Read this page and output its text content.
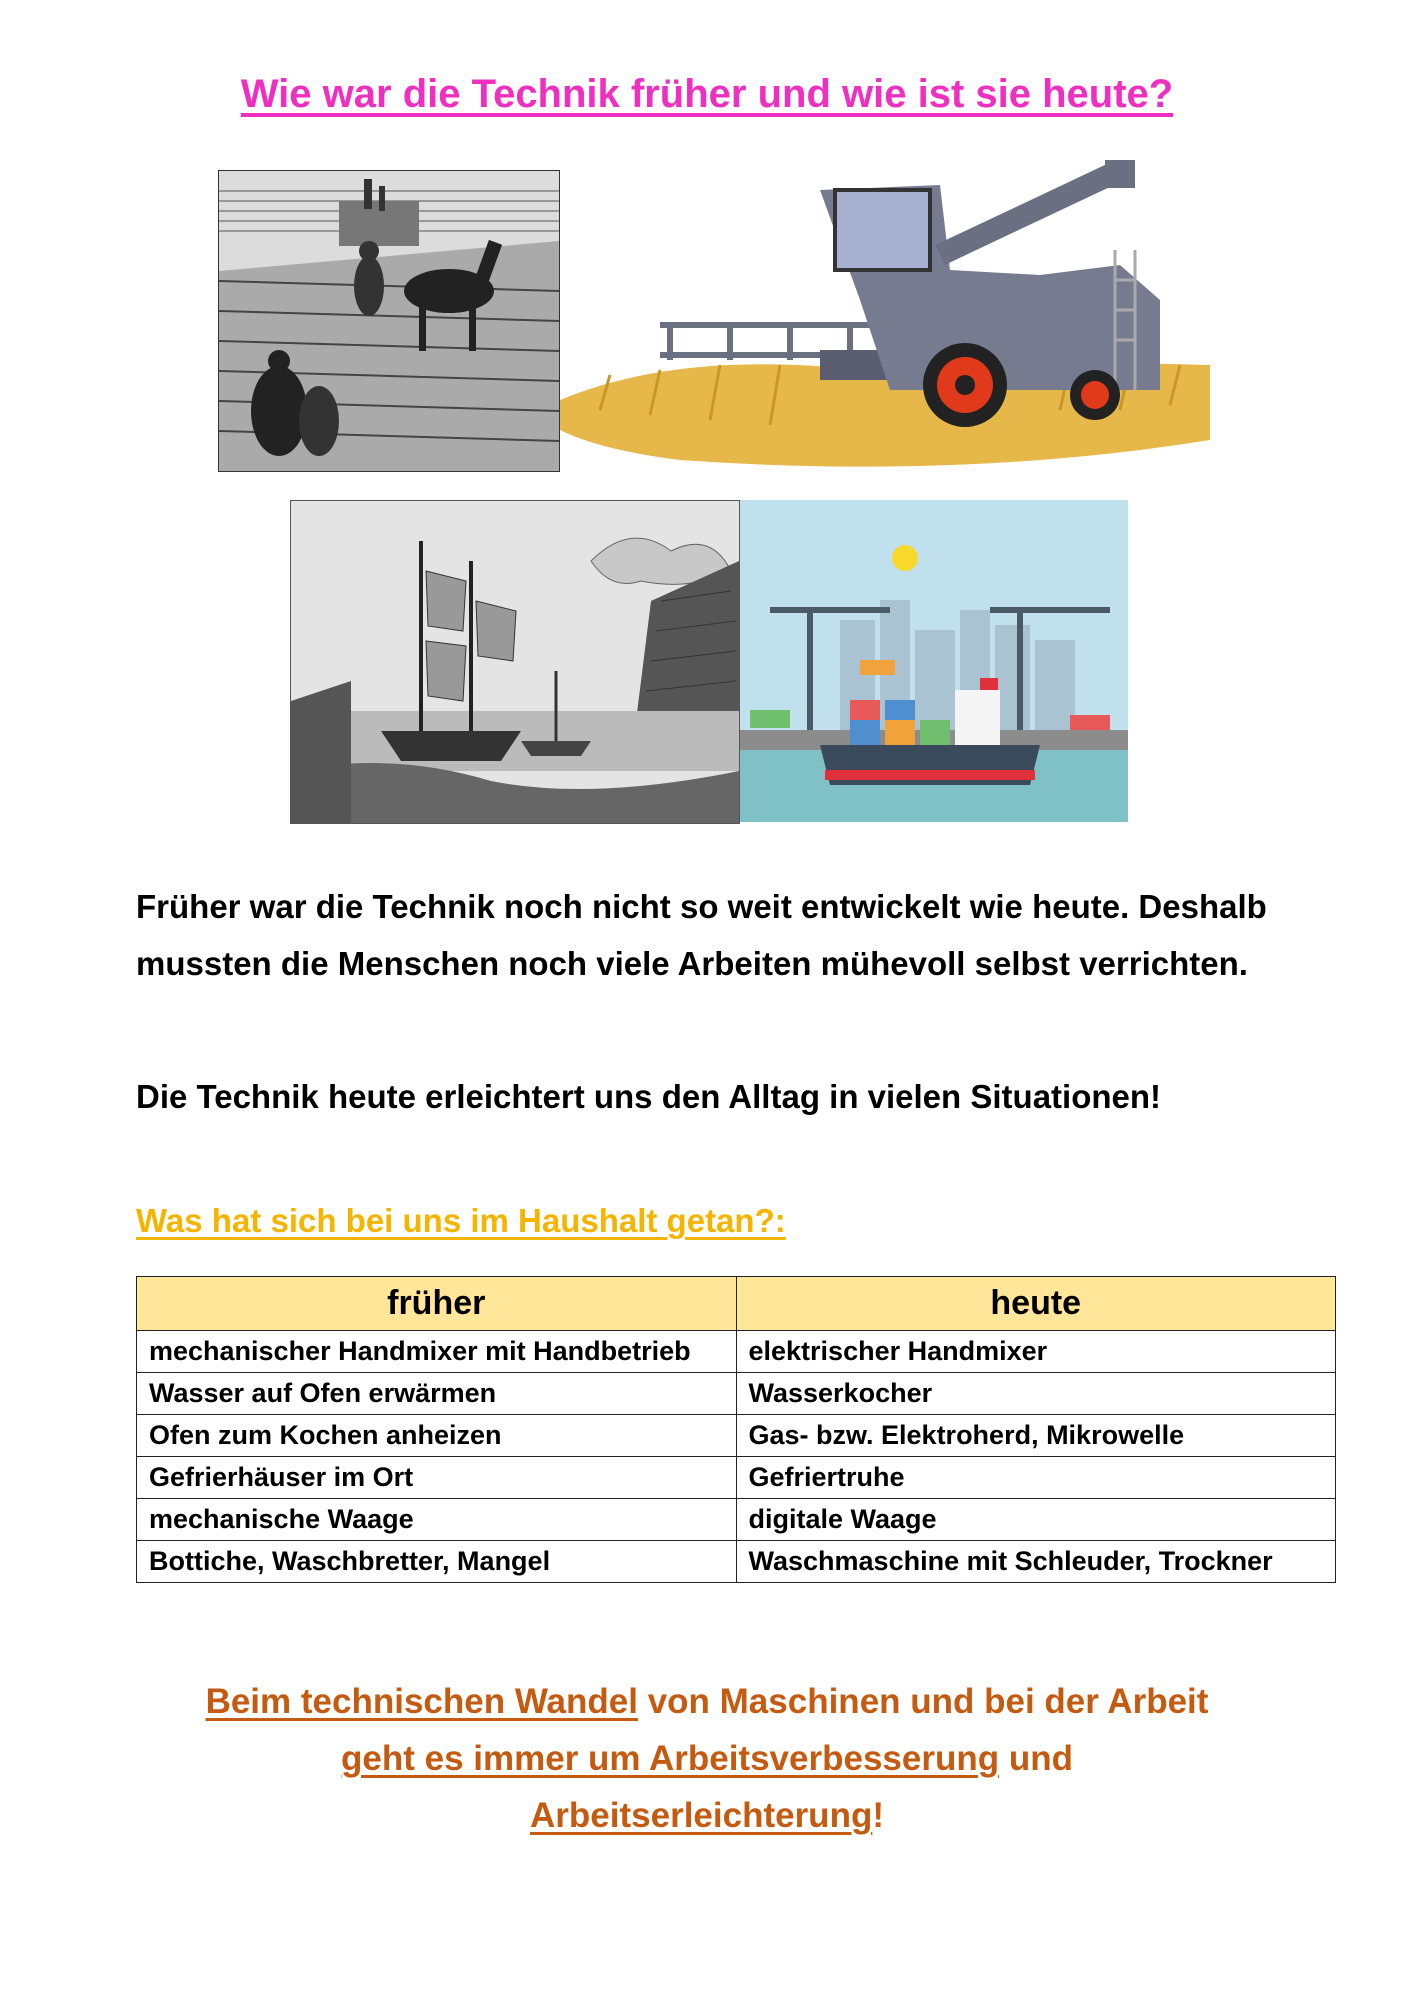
Wie war die Technik früher und wie ist sie heute?

Früher war die Technik noch nicht so weit entwickelt wie heute. Deshalb mussten die Menschen noch viele Arbeiten mühevoll selbst verrichten.

Die Technik heute erleichtert uns den Alltag in vielen Situationen!

Was hat sich bei uns im Haushalt getan?:
früher	heute
mechanischer Handmixer mit Handbetrieb	elektrischer Handmixer
Wasser auf Ofen erwärmen	Wasserkocher
Ofen zum Kochen anheizen	Gas- bzw. Elektroherd, Mikrowelle
Gefrierhäuser im Ort	Gefriertruhe
mechanische Waage	digitale Waage
Bottiche, Waschbretter, Mangel	Waschmaschine mit Schleuder, Trockner

Beim technischen Wandel von Maschinen und bei der Arbeit
geht es immer um Arbeitsverbesserung und
Arbeitserleichterung!
